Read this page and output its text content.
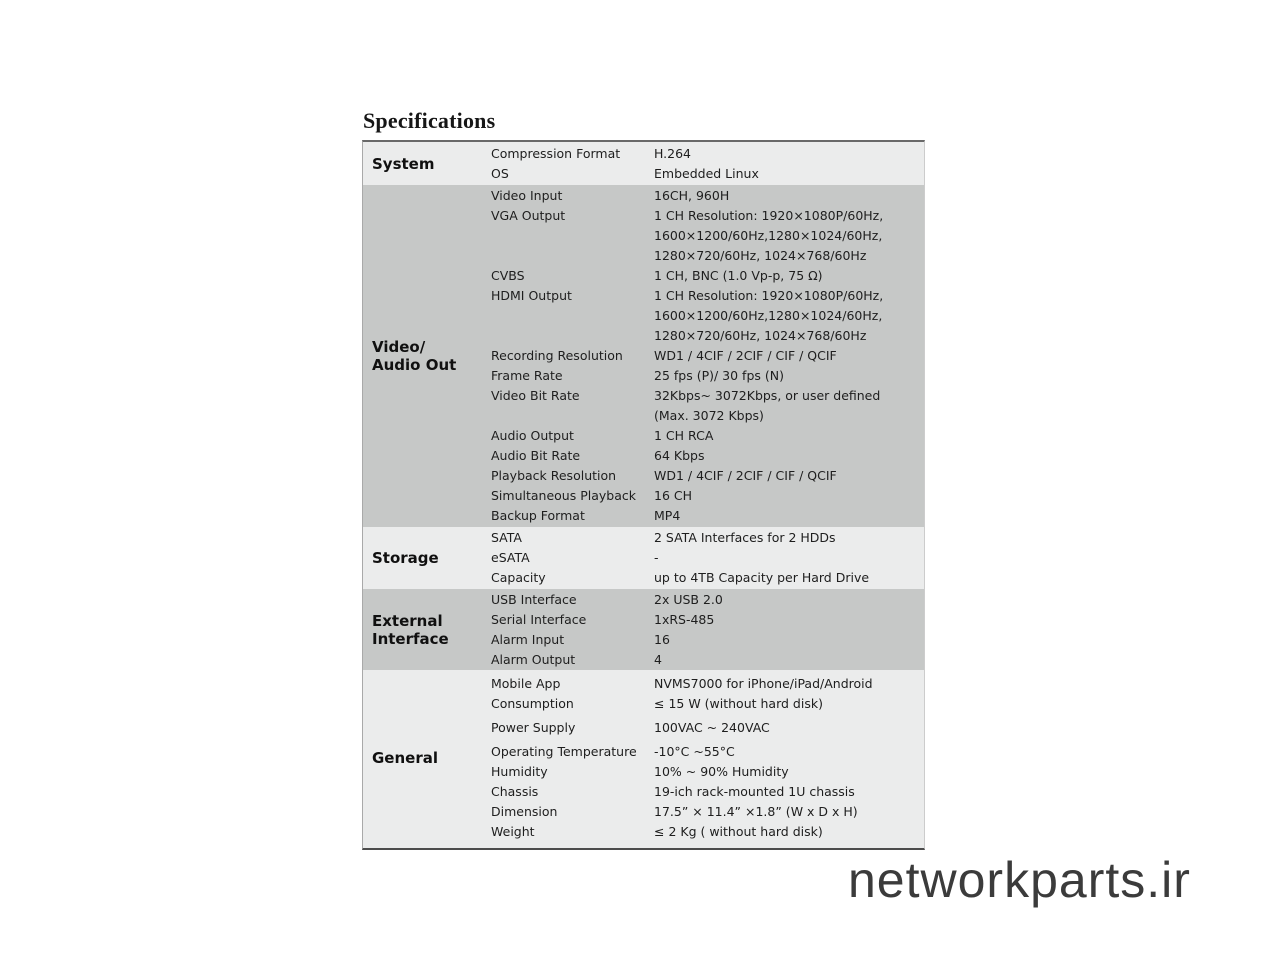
Specifications
System
Compression Format	H.264
OS	Embedded Linux
Video/
Audio Out
Video Input	16CH, 960H
VGA Output	1 CH Resolution: 1920×1080P/60Hz,
1600×1200/60Hz,1280×1024/60Hz,
1280×720/60Hz, 1024×768/60Hz
CVBS	1 CH, BNC (1.0 Vp-p, 75 Ω)
HDMI Output	1 CH Resolution: 1920×1080P/60Hz,
1600×1200/60Hz,1280×1024/60Hz,
1280×720/60Hz, 1024×768/60Hz
Recording Resolution	WD1 / 4CIF / 2CIF / CIF / QCIF
Frame Rate	25 fps (P)/ 30 fps (N)
Video Bit Rate	32Kbps~ 3072Kbps, or user defined
(Max. 3072 Kbps)
Audio Output	1 CH RCA
Audio Bit Rate	64 Kbps
Playback Resolution	WD1 / 4CIF / 2CIF / CIF / QCIF
Simultaneous Playback	16 CH
Backup Format	MP4
Storage
SATA	2 SATA Interfaces for 2 HDDs
eSATA	-
Capacity	up to 4TB Capacity per Hard Drive
External
Interface
USB Interface	2x USB 2.0
Serial Interface	1xRS-485
Alarm Input	16
Alarm Output	4
General
Mobile App	NVMS7000 for iPhone/iPad/Android
Consumption	≤ 15 W (without hard disk)
Power Supply	100VAC ~ 240VAC
Operating Temperature	-10°C ~55°C
Humidity	10% ~ 90% Humidity
Chassis	19-ich rack-mounted 1U chassis
Dimension	17.5” × 11.4” ×1.8” (W x D x H)
Weight	≤ 2 Kg ( without hard disk)
networkparts.ir
